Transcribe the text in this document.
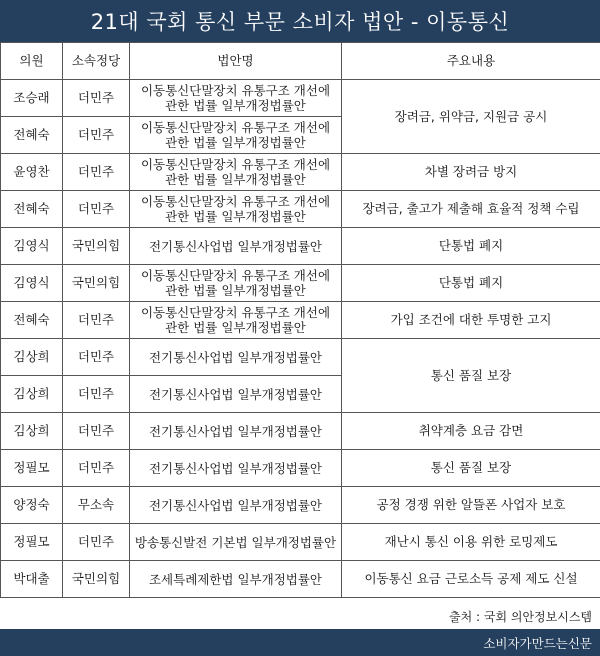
21대 국회 통신 부문 소비자 법안 - 이동통신
의원	소속정당	법안명	주요내용
조승래	더민주	이동통신단말장치 유통구조 개선에 관한 법률 일부개정법률안	장려금, 위약금, 지원금 공시
전혜숙	더민주	이동통신단말장치 유통구조 개선에 관한 법률 일부개정법률안	
윤영찬	더민주	이동통신단말장치 유통구조 개선에 관한 법률 일부개정법률안	차별 장려금 방지
전혜숙	더민주	이동통신단말장치 유통구조 개선에 관한 법률 일부개정법률안	장려금, 출고가 제출해 효율적 정책 수립
김영식	국민의힘	전기통신사업법 일부개정법률안	단통법 폐지
김영식	국민의힘	이동통신단말장치 유통구조 개선에 관한 법률 일부개정법률안	단통법 폐지
전혜숙	더민주	이동통신단말장치 유통구조 개선에 관한 법률 일부개정법률안	가입 조건에 대한 투명한 고지
김상희	더민주	전기통신사업법 일부개정법률안	통신 품질 보장
김상희	더민주	전기통신사업법 일부개정법률안	
김상희	더민주	전기통신사업법 일부개정법률안	취약계층 요금 감면
정필모	더민주	전기통신사업법 일부개정법률안	통신 품질 보장
양정숙	무소속	전기통신사업법 일부개정법률안	공정 경쟁 위한 알뜰폰 사업자 보호
정필모	더민주	방송통신발전 기본법 일부개정법률안	재난시 통신 이용 위한 로밍제도
박대출	국민의힘	조세특례제한법 일부개정법률안	이동통신 요금 근로소득 공제 제도 신설
출처 : 국회 의안정보시스템
소비자가만드는신문
